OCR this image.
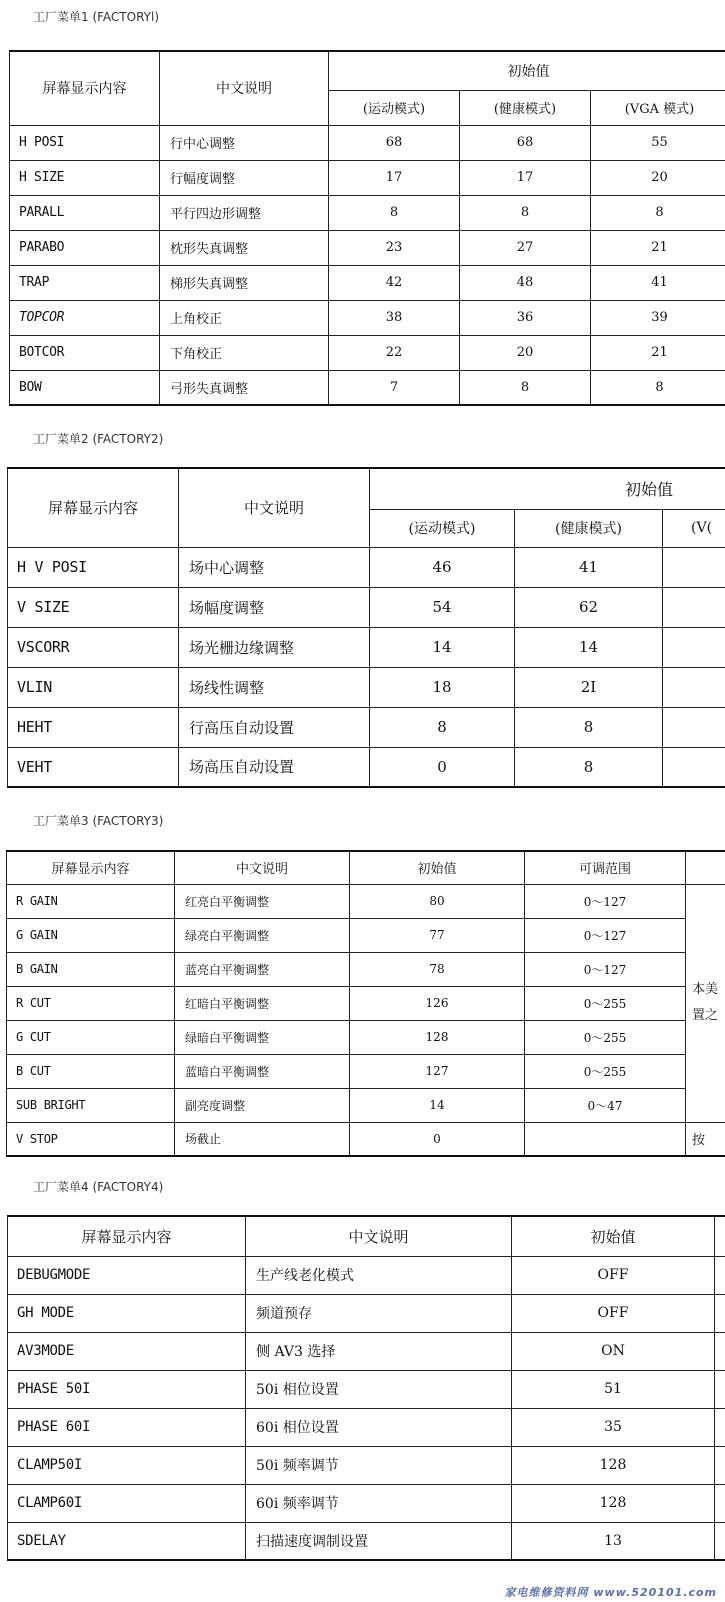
工厂菜单1 (FACTORYl)
屏幕显示内容	中文说明	初始值		
		(运动模式)	(健康模式)	(VGA 模式)
H POSI	行中心调整	68	68	55
H SIZE	行幅度调整	17	17	20
PARALL	平行四边形调整	8	8	8
PARABO	枕形失真调整	23	27	21
TRAP	梯形失真调整	42	48	41
TOPCOR	上角校正	38	36	39
BOTCOR	下角校正	22	20	21
BOW	弓形失真调整	7	8	8
工厂菜单2 (FACTORY2)
屏幕显示内容	中文说明	初始值		
		(运动模式)	(健康模式)	(V(
H V POSI	场中心调整	46	41	
V SIZE	场幅度调整	54	62	
VSCORR	场光栅边缘调整	14	14	
VLIN	场线性调整	18	2I	
HEHT	行高压自动设置	8	8	
VEHT	场高压自动设置	0	8	
工厂菜单3 (FACTORY3)
屏幕显示内容	中文说明	初始值	可调范围	
R GAIN	红亮白平衡调整	80	0～127	本美
置之

G GAIN	绿亮白平衡调整	77	0～127	
B GAIN	蓝亮白平衡调整	78	0～127	
R CUT	红暗白平衡调整	126	0～255	
G CUT	绿暗白平衡调整	128	0～255	
B CUT	蓝暗白平衡调整	127	0～255	
SUB BRIGHT	副亮度调整	14	0～47	
V STOP	场截止	0		按
工厂菜单4 (FACTORY4)
屏幕显示内容	中文说明	初始值	
DEBUGMODE	生产线老化模式	OFF	
GH MODE	频道预存	OFF	
AV3MODE	侧 AV3 选择	ON	
PHASE 50I	50i 相位设置	51	
PHASE 60I	60i 相位设置	35	
CLAMP50I	50i 频率调节	128	
CLAMP60I	60i 频率调节	128	
SDELAY	扫描速度调制设置	13	
家电维修资料网 www.520101.com
